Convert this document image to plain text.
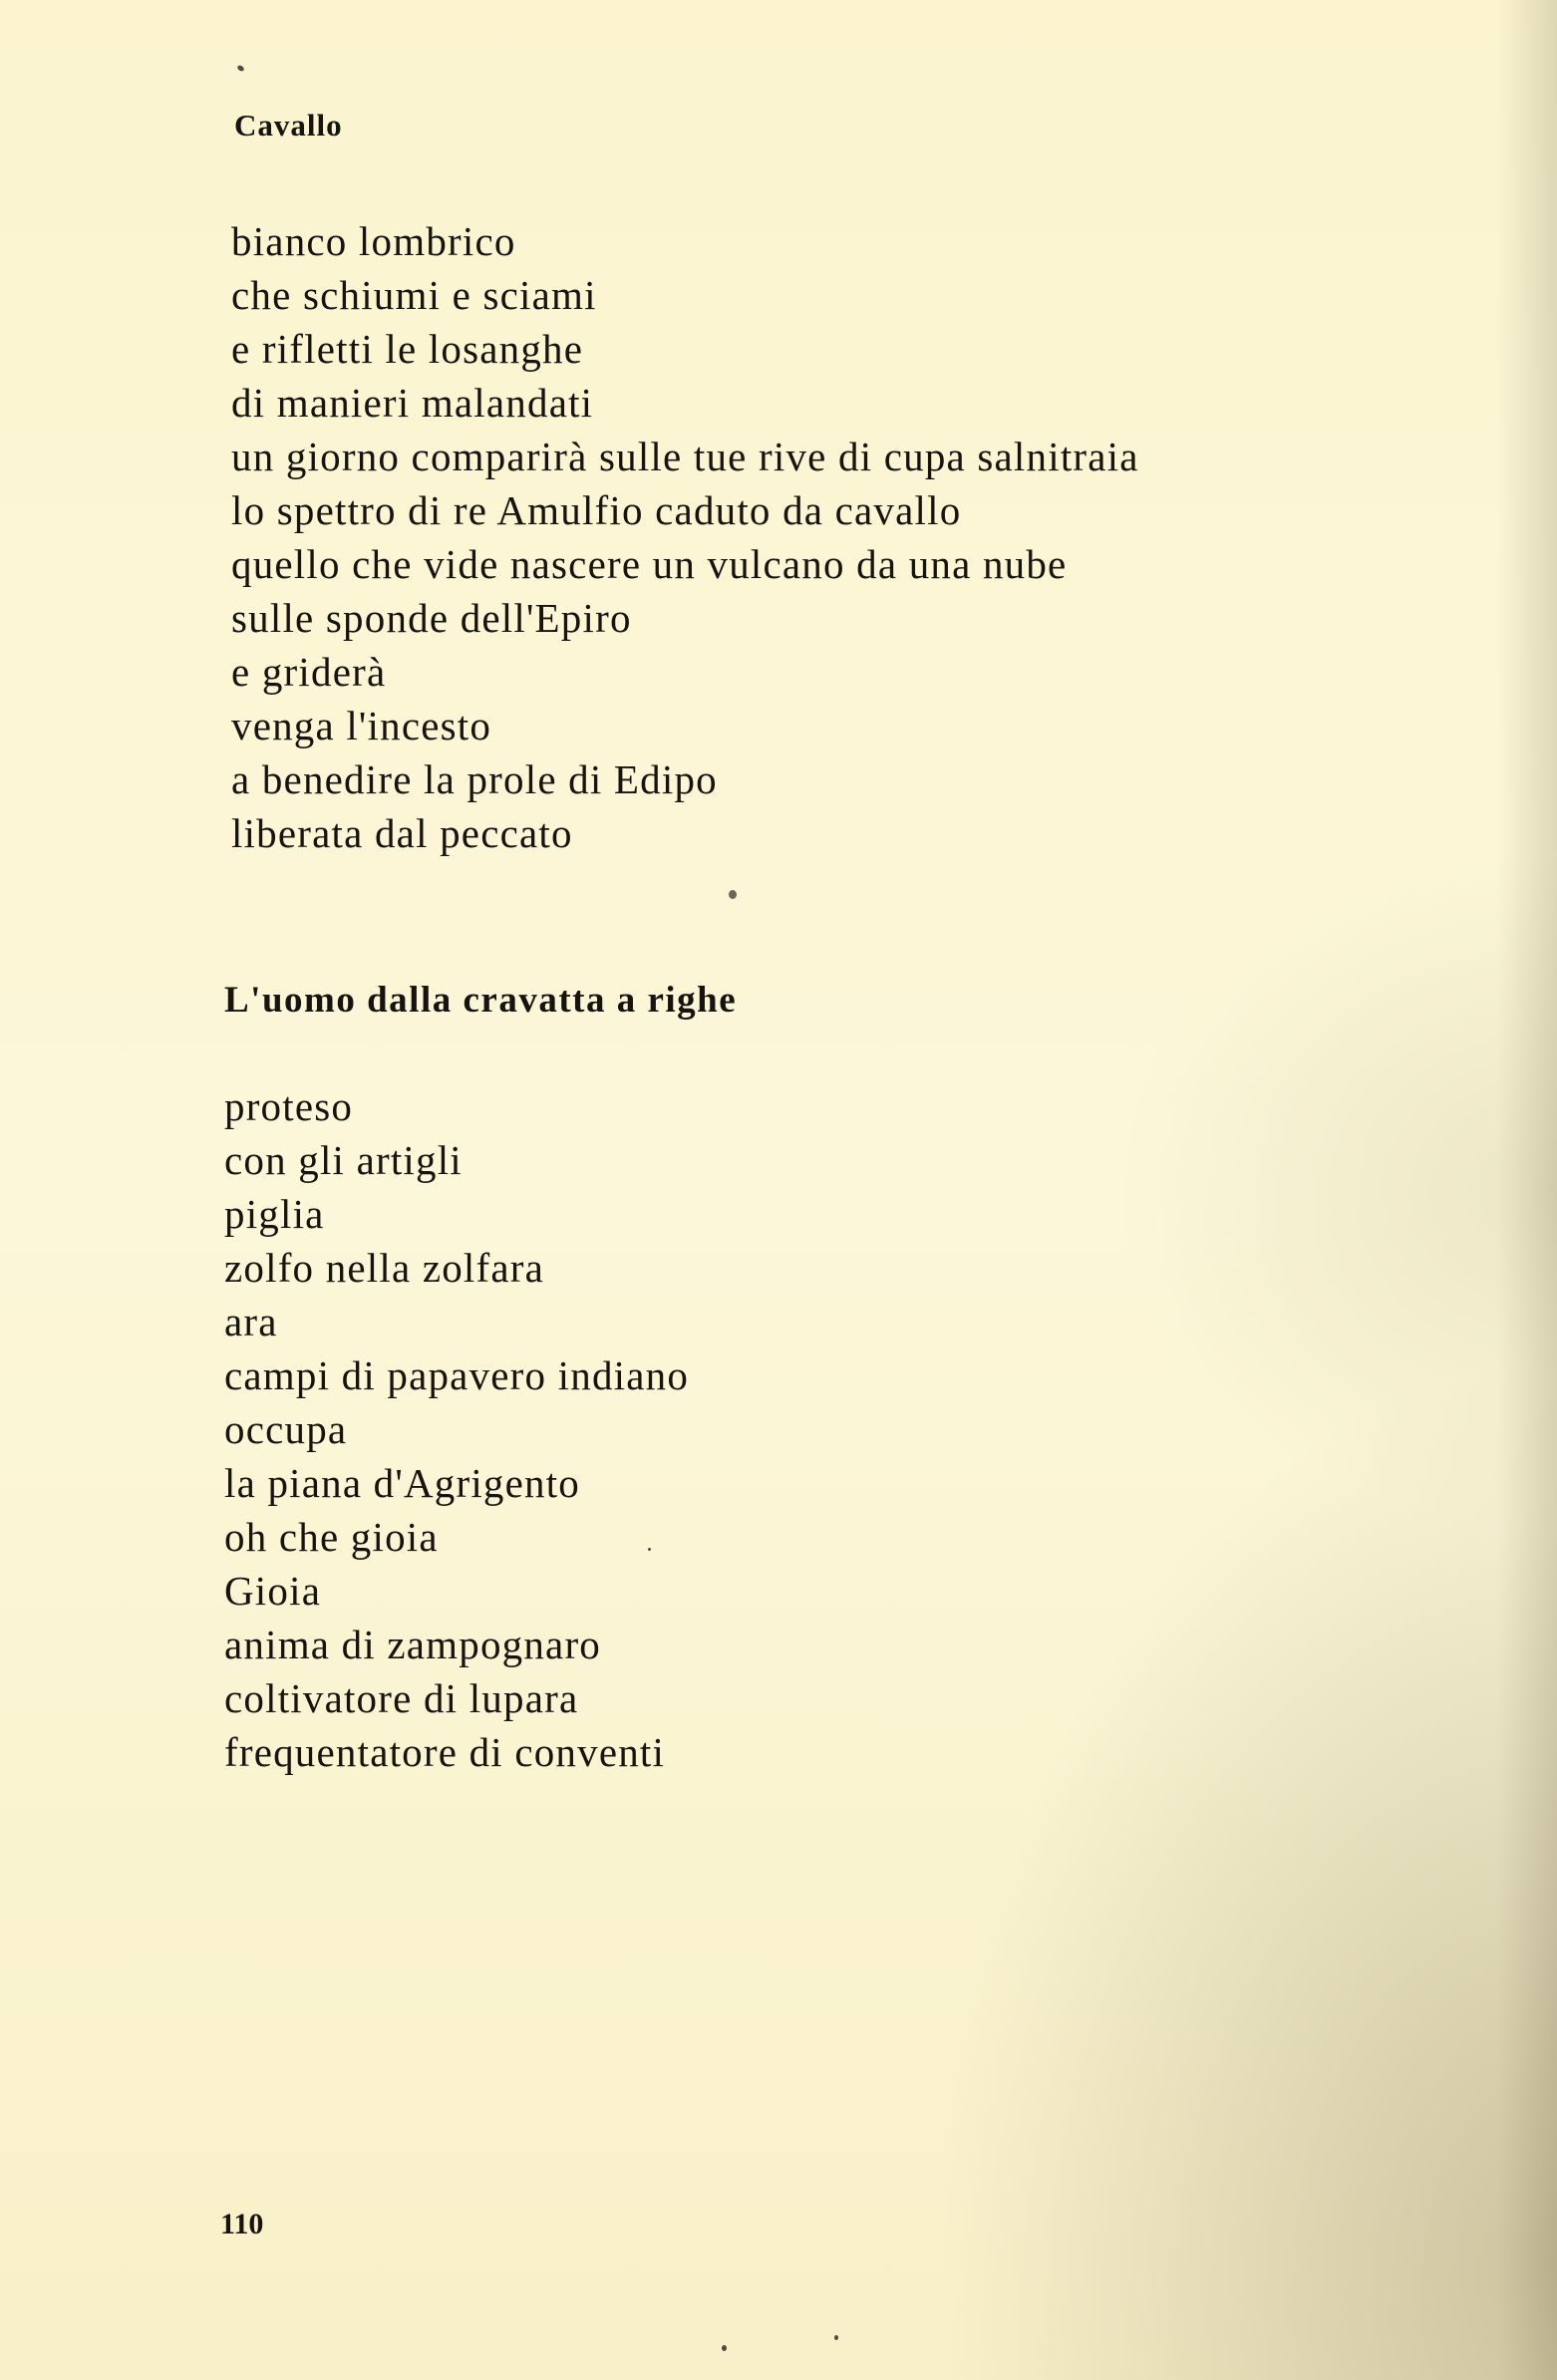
Cavallo
bianco lombrico
che schiumi e sciami
e rifletti le losanghe
di manieri malandati
un giorno comparirà sulle tue rive di cupa salnitraia
lo spettro di re Amulfio caduto da cavallo
quello che vide nascere un vulcano da una nube
sulle sponde dell'Epiro
e griderà
venga l'incesto
a benedire la prole di Edipo
liberata dal peccato
L'uomo dalla cravatta a righe
proteso
con gli artigli
piglia
zolfo nella zolfara
ara
campi di papavero indiano
occupa
la piana d'Agrigento
oh che gioia
Gioia
anima di zampognaro
coltivatore di lupara
frequentatore di conventi

110
